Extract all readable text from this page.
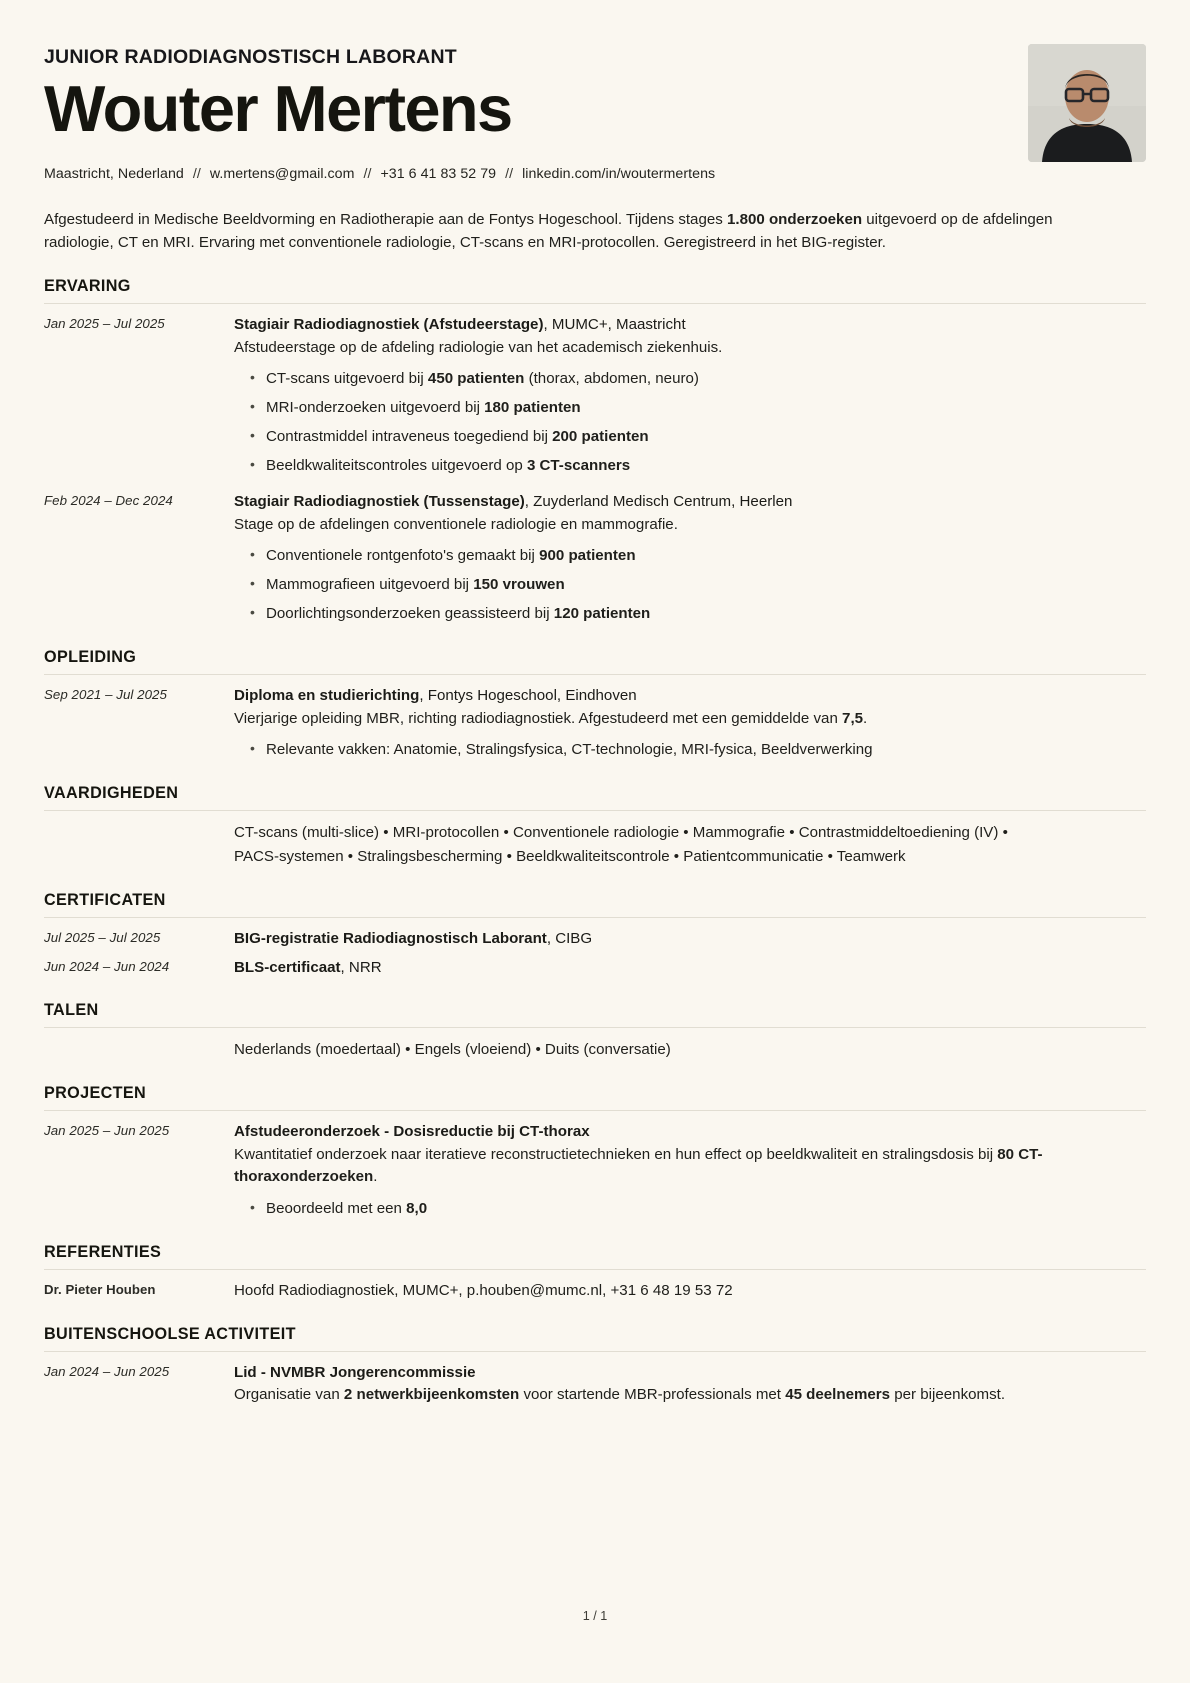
JUNIOR RADIODIAGNOSTISCH LABORANT
Wouter Mertens
Maastricht, Nederland // w.mertens@gmail.com // +31 6 41 83 52 79 // linkedin.com/in/woutermertens
Afgestudeerd in Medische Beeldvorming en Radiotherapie aan de Fontys Hogeschool. Tijdens stages 1.800 onderzoeken uitgevoerd op de afdelingen radiologie, CT en MRI. Ervaring met conventionele radiologie, CT-scans en MRI-protocollen. Geregistreerd in het BIG-register.
ERVARING
Jan 2025 – Jul 2025	Stagiair Radiodiagnostiek (Afstudeerstage), MUMC+, Maastricht
Afstudeerstage op de afdeling radiologie van het academisch ziekenhuis.
• CT-scans uitgevoerd bij 450 patienten (thorax, abdomen, neuro)
• MRI-onderzoeken uitgevoerd bij 180 patienten
• Contrastmiddel intraveneus toegediend bij 200 patienten
• Beeldkwaliteitscontroles uitgevoerd op 3 CT-scanners
Feb 2024 – Dec 2024	Stagiair Radiodiagnostiek (Tussenstage), Zuyderland Medisch Centrum, Heerlen
Stage op de afdelingen conventionele radiologie en mammografie.
• Conventionele rontgenfoto's gemaakt bij 900 patienten
• Mammografieen uitgevoerd bij 150 vrouwen
• Doorlichtingsonderzoeken geassisteerd bij 120 patienten
OPLEIDING
Sep 2021 – Jul 2025	Diploma en studierichting, Fontys Hogeschool, Eindhoven
Vierjarige opleiding MBR, richting radiodiagnostiek. Afgestudeerd met een gemiddelde van 7,5.
• Relevante vakken: Anatomie, Stralingsfysica, CT-technologie, MRI-fysica, Beeldverwerking
VAARDIGHEDEN
CT-scans (multi-slice) • MRI-protocollen • Conventionele radiologie • Mammografie • Contrastmiddeltoediening (IV) •
PACS-systemen • Stralingsbescherming • Beeldkwaliteitscontrole • Patientcommunicatie • Teamwerk
CERTIFICATEN
Jul 2025 – Jul 2025	BIG-registratie Radiodiagnostisch Laborant, CIBG
Jun 2024 – Jun 2024	BLS-certificaat, NRR
TALEN
Nederlands (moedertaal) • Engels (vloeiend) • Duits (conversatie)
PROJECTEN
Jan 2025 – Jun 2025	Afstudeeronderzoek - Dosisreductie bij CT-thorax
Kwantitatief onderzoek naar iteratieve reconstructietechnieken en hun effect op beeldkwaliteit en stralingsdosis bij 80 CT-thoraxonderzoeken.
• Beoordeeld met een 8,0
REFERENTIES
Dr. Pieter Houben	Hoofd Radiodiagnostiek, MUMC+, p.houben@mumc.nl, +31 6 48 19 53 72
BUITENSCHOOLSE ACTIVITEIT
Jan 2024 – Jun 2025	Lid - NVMBR Jongerencommissie
Organisatie van 2 netwerkbijeenkomsten voor startende MBR-professionals met 45 deelnemers per bijeenkomst.
1 / 1
